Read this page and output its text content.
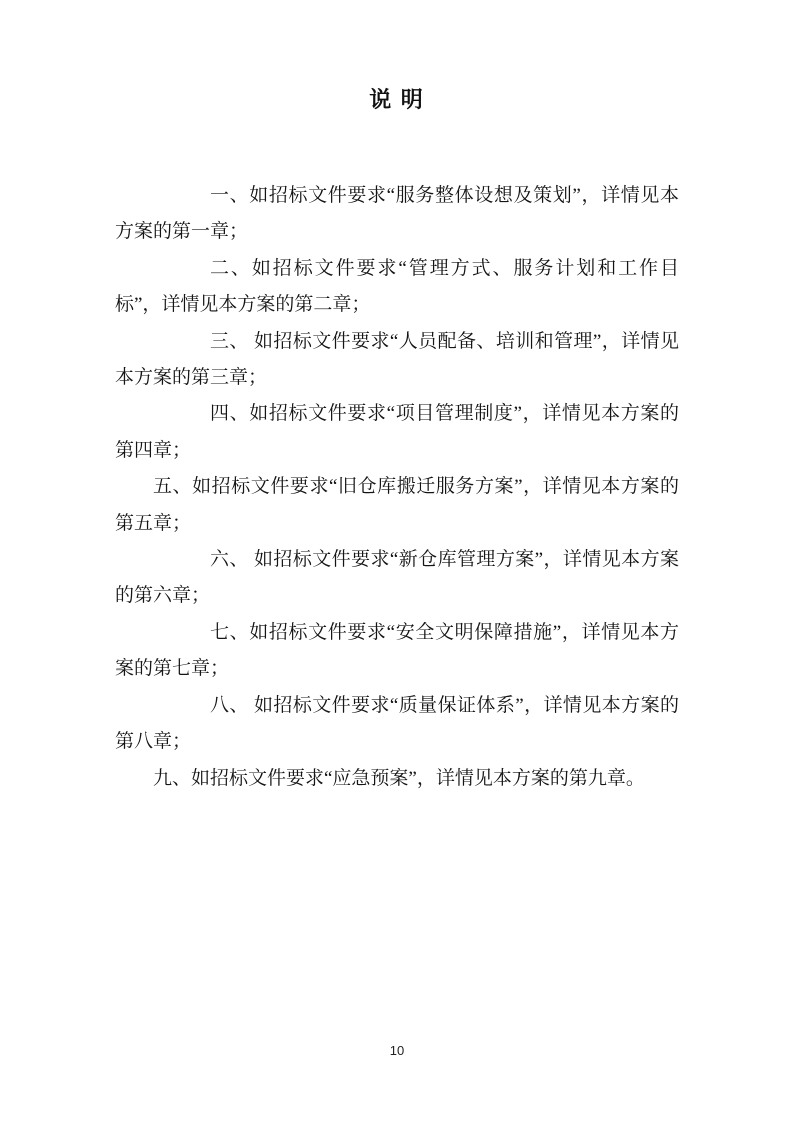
说 明

一、如招标文件要求“服务整体设想及策划”，详情见本方案的第一章；

二、如招标文件要求“管理方式、服务计划和工作目标”，详情见本方案的第二章；

三、 如招标文件要求“人员配备、培训和管理”，详情见本方案的第三章；

四、如招标文件要求“项目管理制度”，详情见本方案的第四章；

五、如招标文件要求“旧仓库搬迁服务方案”，详情见本方案的第五章；

六、 如招标文件要求“新仓库管理方案”，详情见本方案的第六章；

七、如招标文件要求“安全文明保障措施”，详情见本方案的第七章；

八、 如招标文件要求“质量保证体系”，详情见本方案的第八章；

九、如招标文件要求“应急预案”，详情见本方案的第九章。

10
